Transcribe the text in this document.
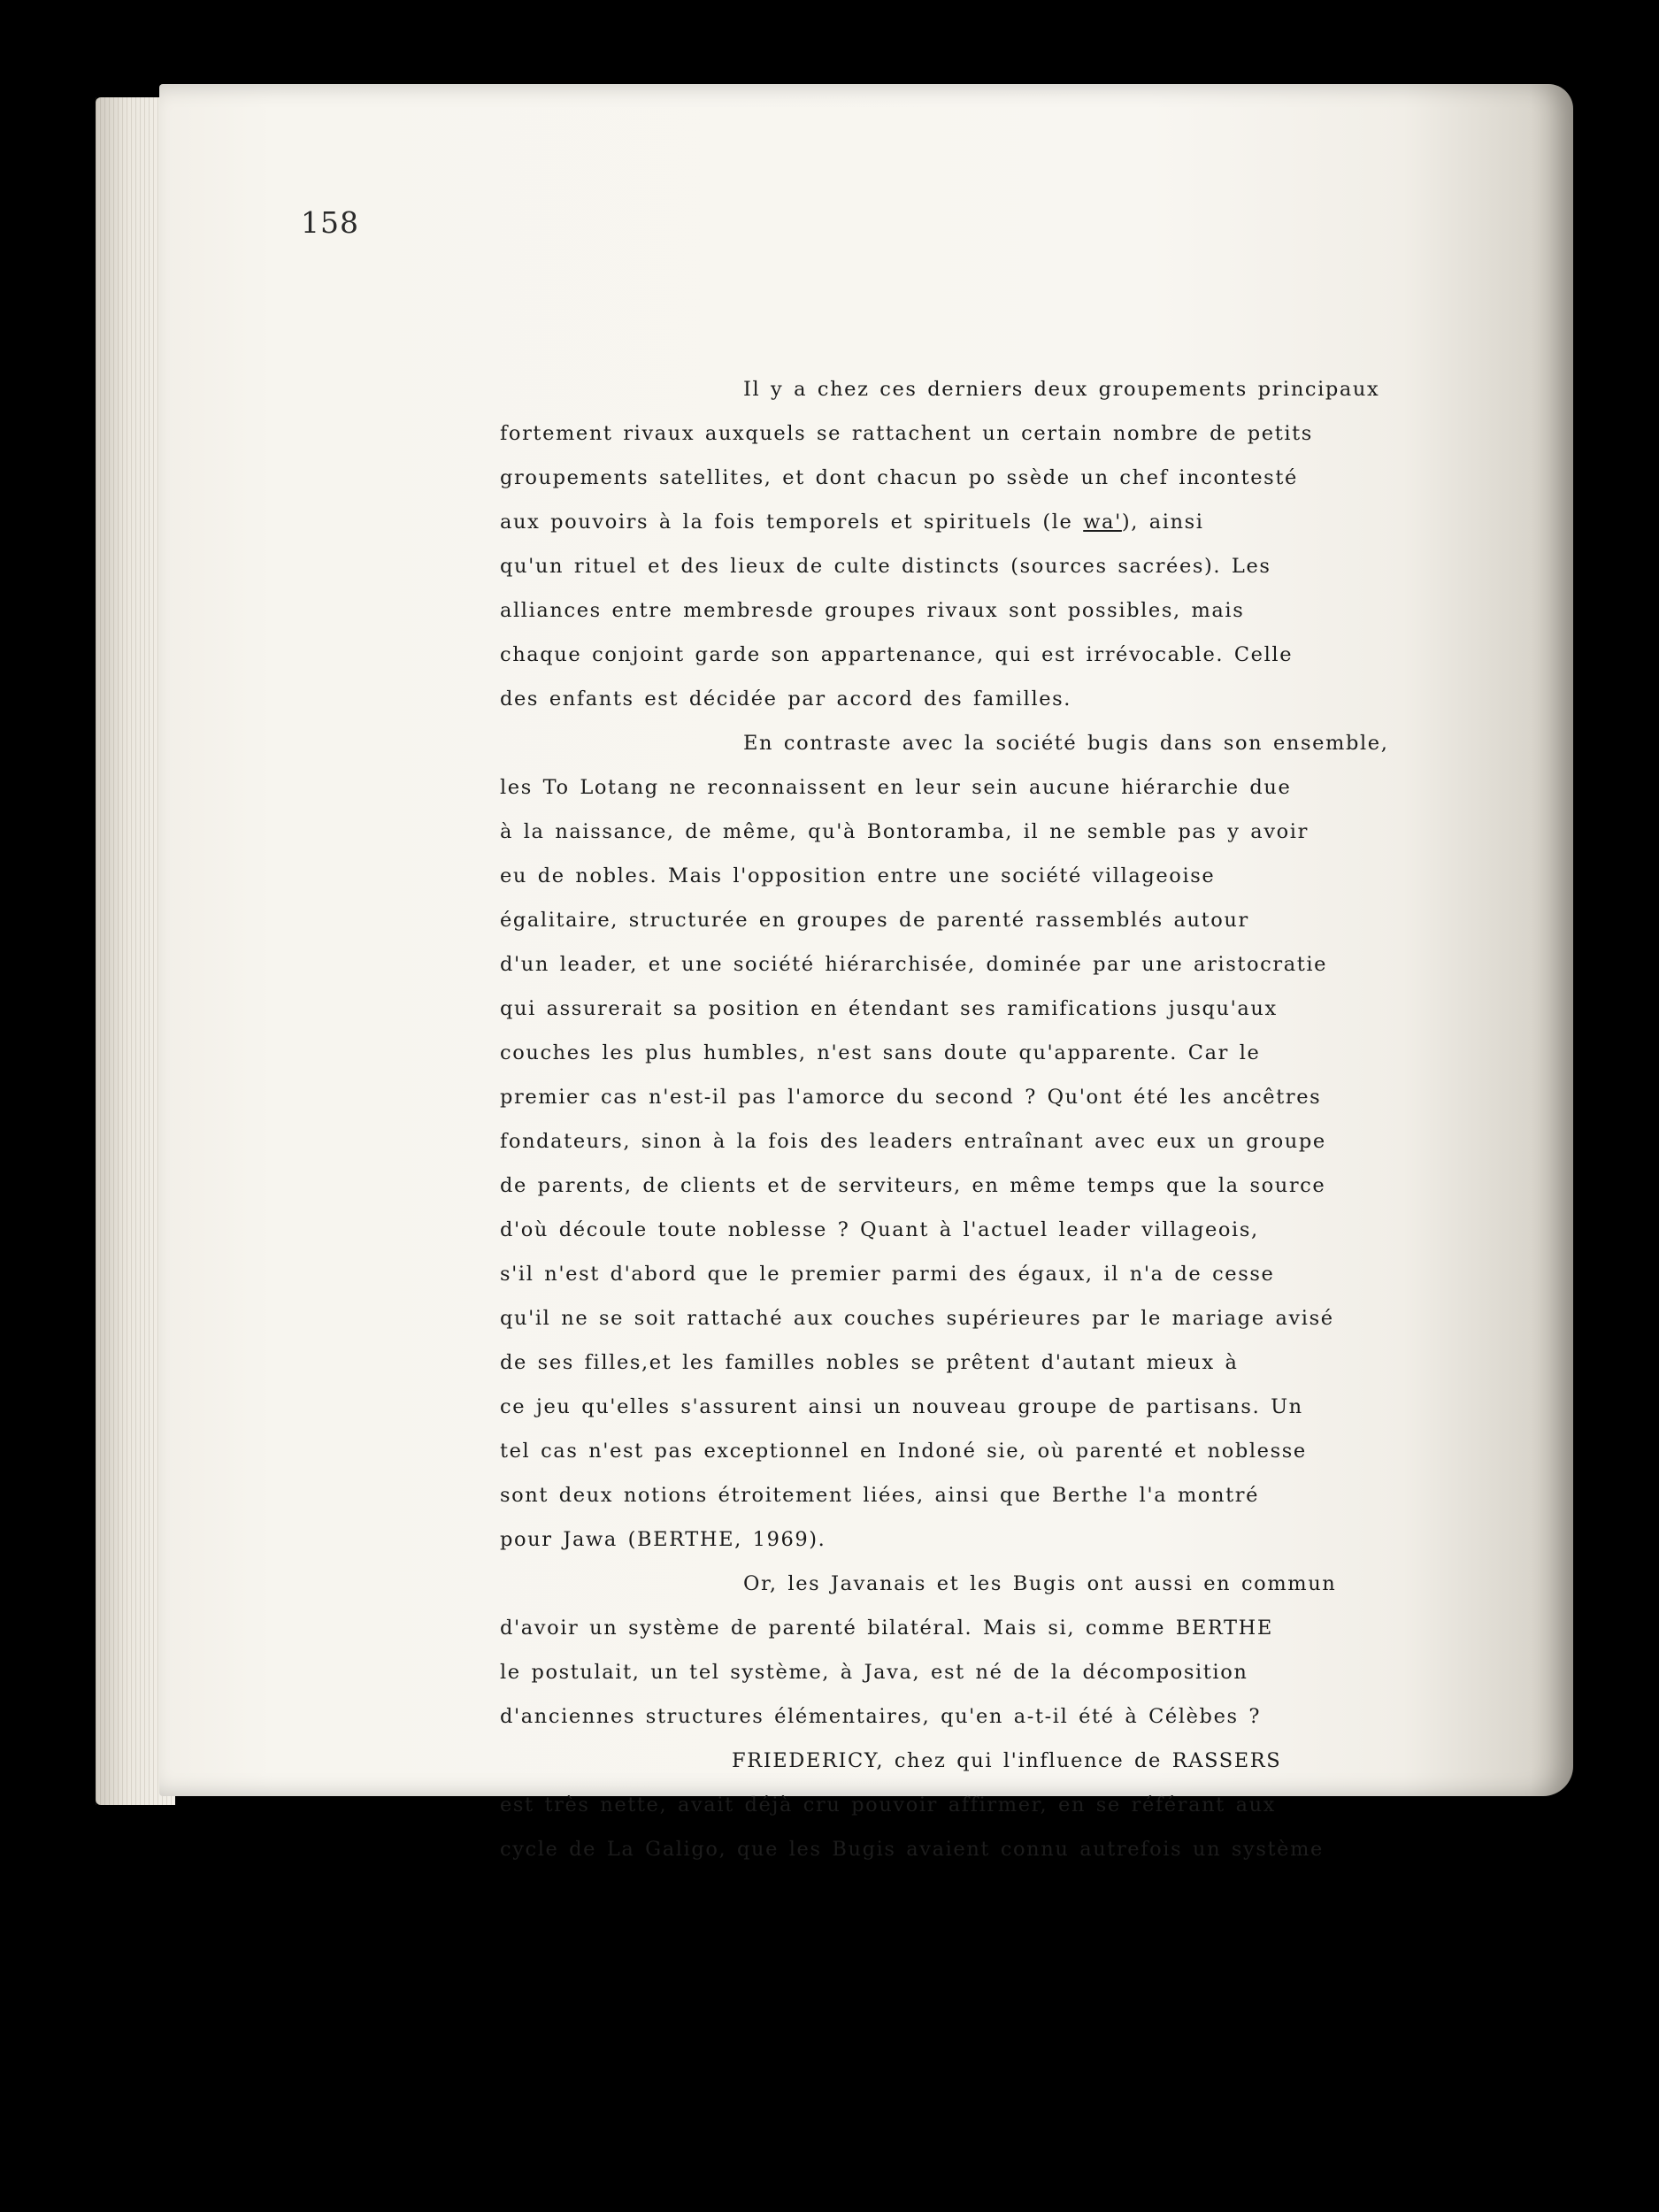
158
Il y a chez ces derniers deux groupements principaux
fortement rivaux auxquels se rattachent un certain nombre de petits
groupements satellites, et dont chacun po ssède un chef incontesté
aux pouvoirs à la fois temporels et spirituels (le wa'), ainsi
qu'un rituel et des lieux de culte distincts (sources sacrées). Les
alliances entre membresde groupes rivaux sont possibles, mais
chaque conjoint garde son appartenance, qui est irrévocable. Celle
des enfants est décidée par accord des familles.
En contraste avec la société bugis dans son ensemble,
les To Lotang ne reconnaissent en leur sein aucune hiérarchie due
à la naissance, de même, qu'à Bontoramba, il ne semble pas y avoir
eu de nobles. Mais l'opposition entre une société villageoise
égalitaire, structurée en groupes de parenté rassemblés autour
d'un leader, et une société hiérarchisée, dominée par une aristocratie
qui assurerait sa position en étendant ses ramifications jusqu'aux
couches les plus humbles, n'est sans doute qu'apparente. Car le
premier cas n'est-il pas l'amorce du second ? Qu'ont été les ancêtres
fondateurs, sinon à la fois des leaders entraînant avec eux un groupe
de parents, de clients et de serviteurs, en même temps que la source
d'où découle toute noblesse ? Quant à l'actuel leader villageois,
s'il n'est d'abord que le premier parmi des égaux, il n'a de cesse
qu'il ne se soit rattaché aux couches supérieures par le mariage avisé
de ses filles,et les familles nobles se prêtent d'autant mieux à
ce jeu qu'elles s'assurent ainsi un nouveau groupe de partisans. Un
tel cas n'est pas exceptionnel en Indoné sie, où parenté et noblesse
sont deux notions étroitement liées, ainsi que Berthe l'a montré
pour Jawa (BERTHE, 1969).
Or, les Javanais et les Bugis ont aussi en commun
d'avoir un système de parenté bilatéral. Mais si, comme BERTHE
le postulait, un tel système, à Java, est né de la décomposition
d'anciennes structures élémentaires, qu'en a-t-il été à Célèbes ?
FRIEDERICY, chez qui l'influence de RASSERS
est très nette, avait déjà cru pouvoir affirmer, en se référant aux
cycle de La Galigo, que les Bugis avaient connu autrefois un système
